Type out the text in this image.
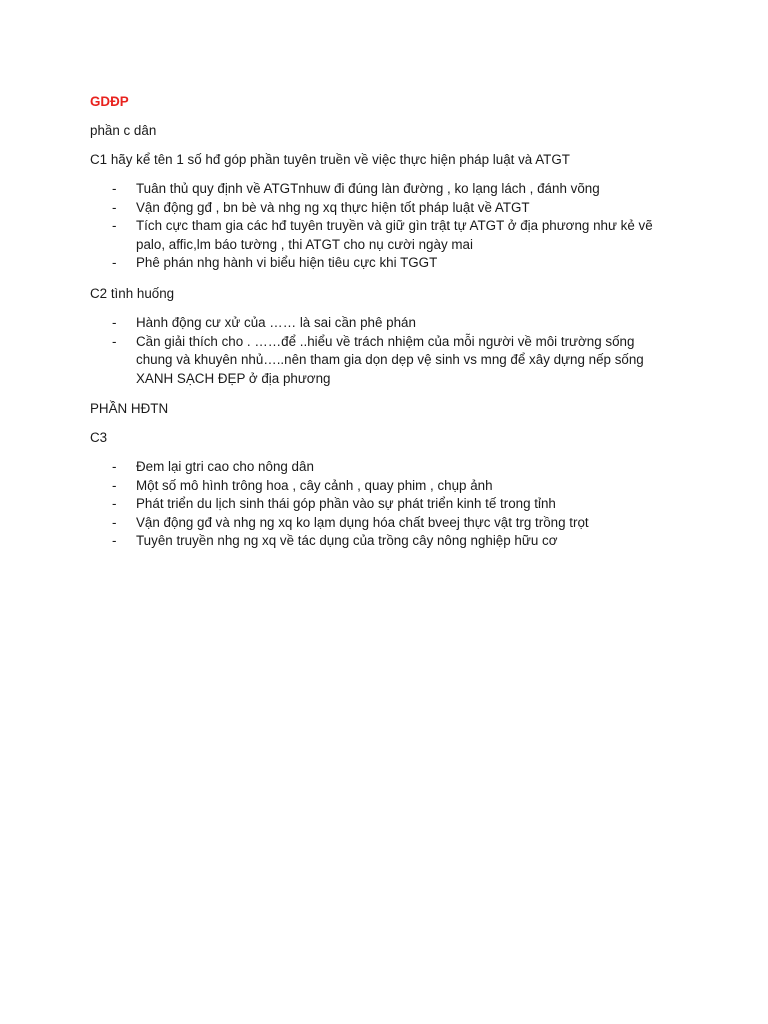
GDĐP
phần c dân
C1 hãy kể tên 1 số hđ góp phần tuyên truền về việc thực hiện pháp luật và ATGT
- Tuân thủ quy định về ATGTnhuw đi đúng làn đường , ko lạng lách , đánh võng
- Vận động gđ , bn bè và nhg ng xq thực hiện tốt pháp luật về ATGT
- Tích cực tham gia các hđ tuyên truyền và giữ gìn trật tự ATGT ở địa phương như kẻ vẽ palo, affic,lm báo tường , thi ATGT cho nụ cười ngày mai
- Phê phán nhg hành vi biểu hiện tiêu cực khi TGGT
C2 tình huống
- Hành động cư xử của …… là sai cần phê phán
- Cần giải thích cho . ……để ..hiểu về trách nhiệm của mỗi người về môi trường sống chung và khuyên nhủ…..nên tham gia dọn dẹp vệ sinh vs mng để xây dựng nếp sống XANH SẠCH ĐẸP ở địa phương
PHẦN HĐTN
C3
- Đem lại gtri cao cho nông dân
- Một số mô hình trông hoa , cây cảnh , quay phim , chụp ảnh
- Phát triển du lịch sinh thái góp phần vào sự phát triển kinh tế trong tỉnh
- Vận động gđ và nhg ng xq ko lạm dụng hóa chất bveej thực vật trg trồng trọt
- Tuyên truyền nhg ng xq về tác dụng của trồng cây nông nghiệp hữu cơ
